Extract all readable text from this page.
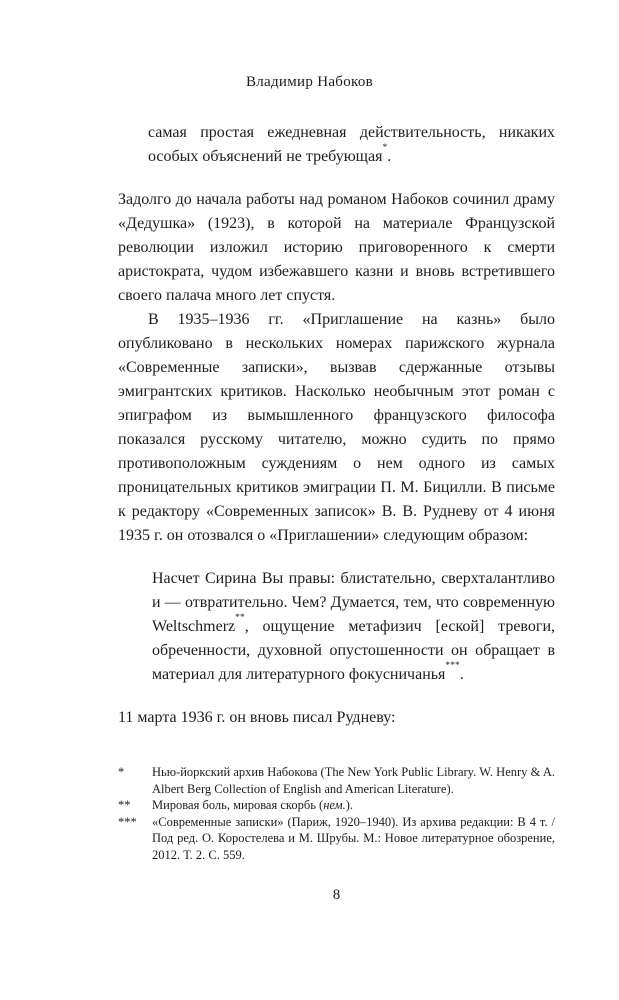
Владимир Набоков
самая простая ежедневная действительность, никаких особых объяснений не требующая*.

Задолго до начала работы над романом Набоков сочинил драму «Дедушка» (1923), в которой на материале Французской революции изложил историю приговоренного к смерти аристократа, чудом избежавшего казни и вновь встретившего своего палача много лет спустя.

В 1935–1936 гг. «Приглашение на казнь» было опубликовано в нескольких номерах парижского журнала «Современные записки», вызвав сдержанные отзывы эмигрантских критиков. Насколько необычным этот роман с эпиграфом из вымышленного французского философа показался русскому читателю, можно судить по прямо противоположным суждениям о нем одного из самых проницательных критиков эмиграции П. М. Бицилли. В письме к редактору «Современных записок» В. В. Рудневу от 4 июня 1935 г. он отозвался о «Приглашении» следующим образом:

Насчет Сирина Вы правы: блистательно, сверхталантливо и — отвратительно. Чем? Думается, тем, что современную Weltschmerz**, ощущение метафизич [еской] тревоги, обреченности, духовной опустошенности он обращает в материал для литературного фокусничанья***.

11 марта 1936 г. он вновь писал Рудневу:

*	Нью-йоркский архив Набокова (The New York Public Library. W. Henry & A. Albert Berg Collection of English and American Literature).
**	Мировая боль, мировая скорбь (нем.).
***	«Современные записки» (Париж, 1920–1940). Из архива редакции: В 4 т. / Под ред. О. Коростелева и М. Шрубы. М.: Новое литературное обозрение, 2012. Т. 2. С. 559.
8
